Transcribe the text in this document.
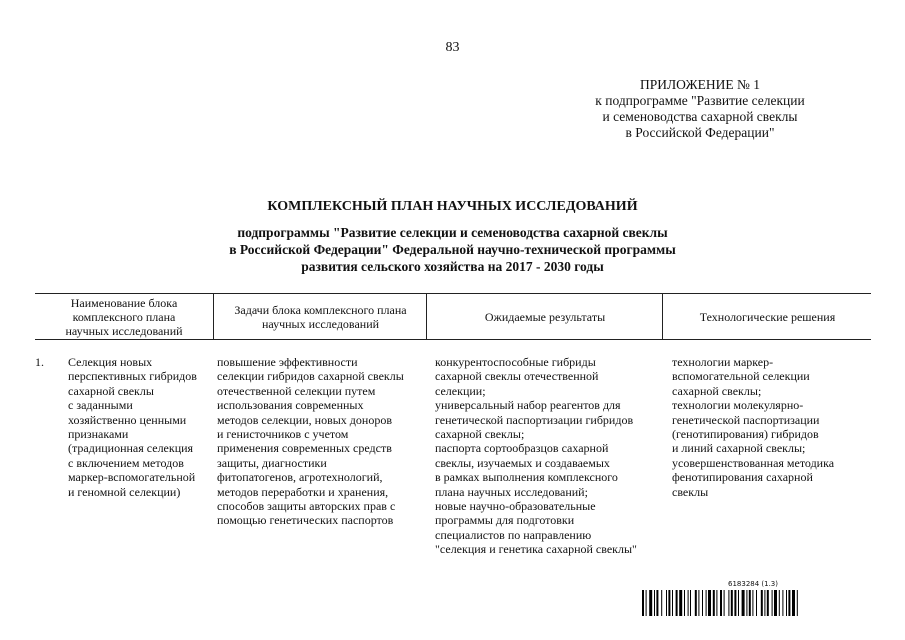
83
ПРИЛОЖЕНИЕ № 1
к подпрограмме "Развитие селекции
и семеноводства сахарной свеклы
в Российской Федерации"
КОМПЛЕКСНЫЙ ПЛАН НАУЧНЫХ ИССЛЕДОВАНИЙ
подпрограммы "Развитие селекции и семеноводства сахарной свеклы
в Российской Федерации" Федеральной научно-технической программы
развития сельского хозяйства на 2017 - 2030 годы
Наименование блока
комплексного плана
научных исследований
Задачи блока комплексного плана
научных исследований	Ожидаемые результаты	Технологические решения
1. Селекция новых
перспективных гибридов
сахарной свеклы
с заданными
хозяйственно ценными
признаками
(традиционная селекция
с включением методов
маркер-вспомогательной
и геномной селекции)
повышение эффективности
селекции гибридов сахарной свеклы
отечественной селекции путем
использования современных
методов селекции, новых доноров
и генисточников с учетом
применения современных средств
защиты, диагностики
фитопатогенов, агротехнологий,
методов переработки и хранения,
способов защиты авторских прав с
помощью генетических паспортов
конкурентоспособные гибриды
сахарной свеклы отечественной
селекции;
универсальный набор реагентов для
генетической паспортизации гибридов
сахарной свеклы;
паспорта сортообразцов сахарной
свеклы, изучаемых и создаваемых
в рамках выполнения комплексного
плана научных исследований;
новые научно-образовательные
программы для подготовки
специалистов по направлению
"селекция и генетика сахарной свеклы"
технологии маркер-
вспомогательной селекции
сахарной свеклы;
технологии молекулярно-
генетической паспортизации
(генотипирования) гибридов
и линий сахарной свеклы;
усовершенствованная методика
фенотипирования сахарной
свеклы
6183284 (1.3)
